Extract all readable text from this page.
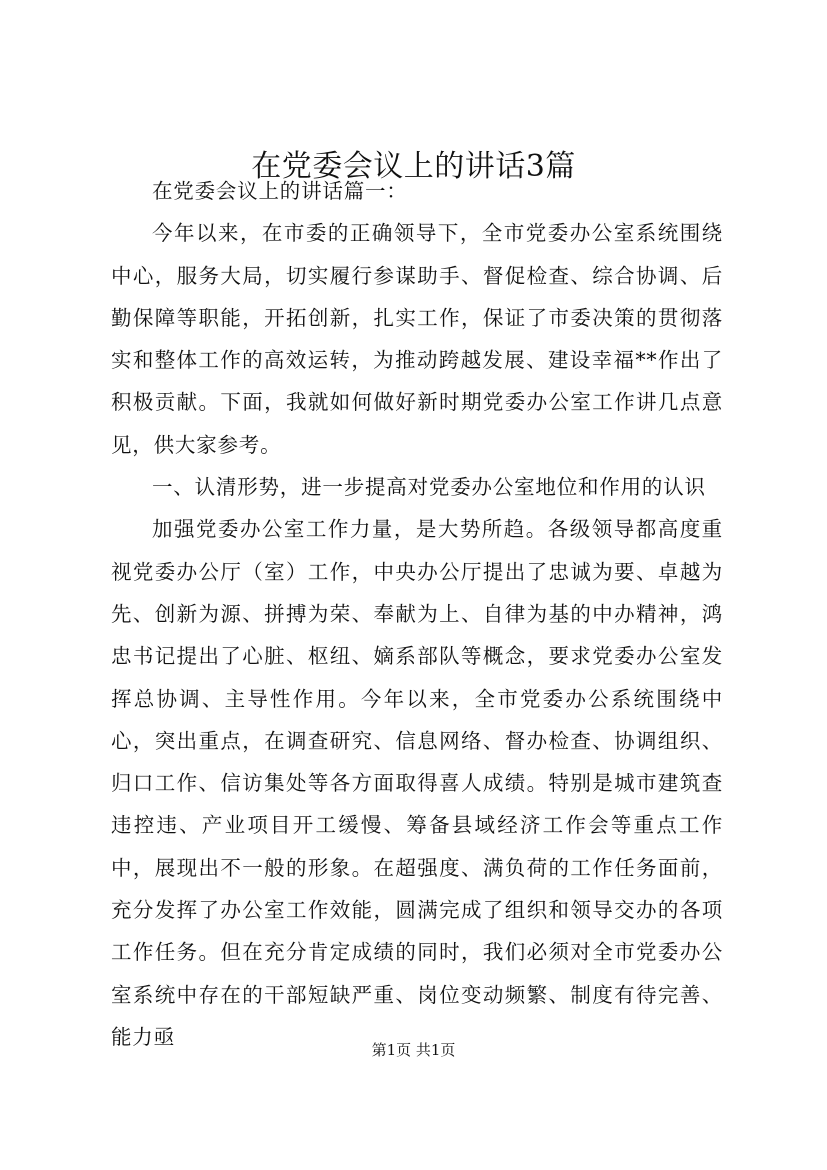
在党委会议上的讲话3篇

在党委会议上的讲话篇一：

今年以来，在市委的正确领导下，全市党委办公室系统围绕中心，服务大局，切实履行参谋助手、督促检查、综合协调、后勤保障等职能，开拓创新，扎实工作，保证了市委决策的贯彻落实和整体工作的高效运转，为推动跨越发展、建设幸福**作出了积极贡献。下面，我就如何做好新时期党委办公室工作讲几点意见，供大家参考。

一、认清形势，进一步提高对党委办公室地位和作用的认识

加强党委办公室工作力量，是大势所趋。各级领导都高度重视党委办公厅（室）工作，中央办公厅提出了忠诚为要、卓越为先、创新为源、拼搏为荣、奉献为上、自律为基的中办精神，鸿忠书记提出了心脏、枢纽、嫡系部队等概念，要求党委办公室发挥总协调、主导性作用。今年以来，全市党委办公系统围绕中心，突出重点，在调查研究、信息网络、督办检查、协调组织、归口工作、信访集处等各方面取得喜人成绩。特别是城市建筑查违控违、产业项目开工缓慢、筹备县域经济工作会等重点工作中，展现出不一般的形象。在超强度、满负荷的工作任务面前，充分发挥了办公室工作效能，圆满完成了组织和领导交办的各项工作任务。但在充分肯定成绩的同时，我们必须对全市党委办公室系统中存在的干部短缺严重、岗位变动频繁、制度有待完善、能力亟

第1页 共1页
